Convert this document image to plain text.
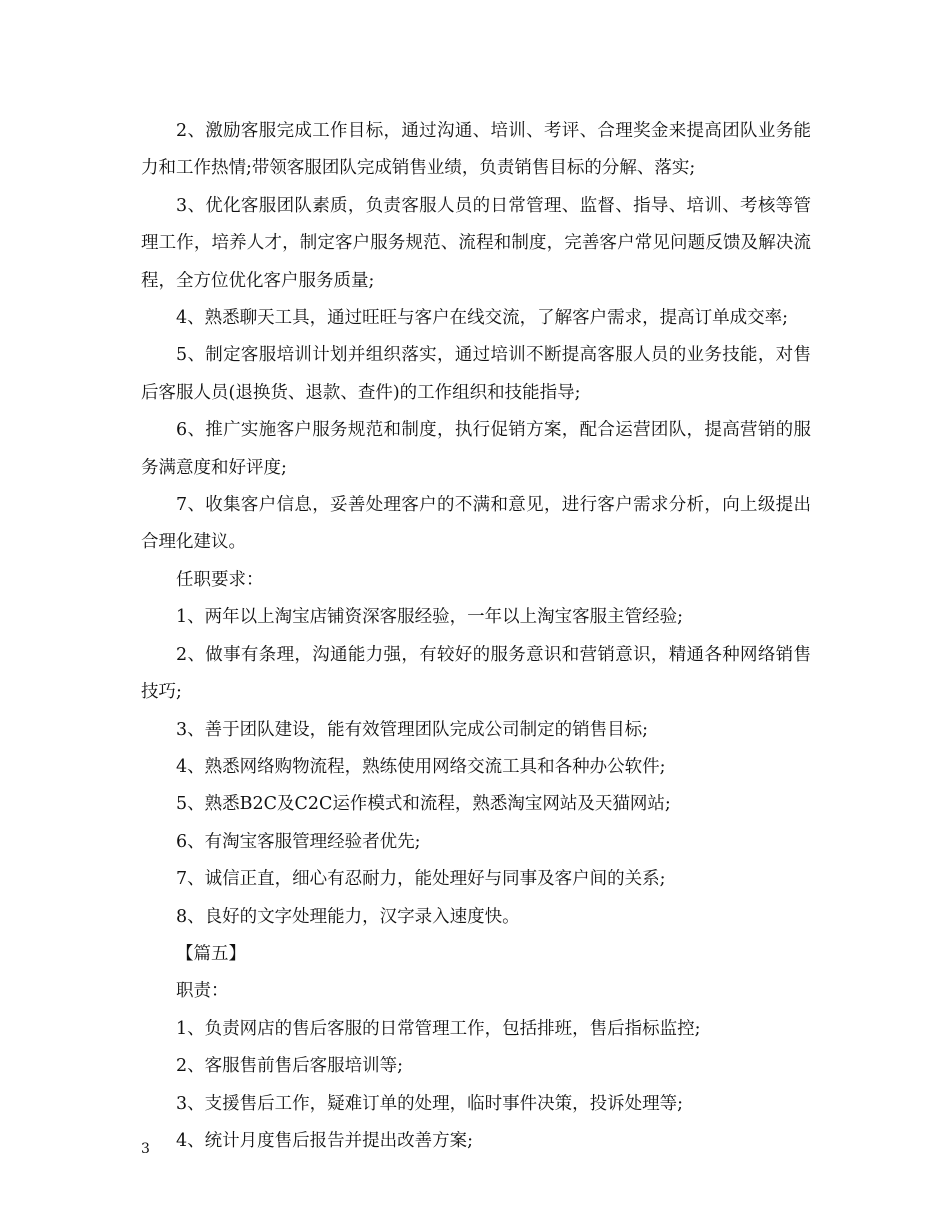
2、激励客服完成工作目标，通过沟通、培训、考评、合理奖金来提高团队业务能力和工作热情;带领客服团队完成销售业绩，负责销售目标的分解、落实;

3、优化客服团队素质，负责客服人员的日常管理、监督、指导、培训、考核等管理工作，培养人才，制定客户服务规范、流程和制度，完善客户常见问题反馈及解决流程，全方位优化客户服务质量;

4、熟悉聊天工具，通过旺旺与客户在线交流，了解客户需求，提高订单成交率;

5、制定客服培训计划并组织落实，通过培训不断提高客服人员的业务技能，对售后客服人员(退换货、退款、查件)的工作组织和技能指导;

6、推广实施客户服务规范和制度，执行促销方案，配合运营团队，提高营销的服务满意度和好评度;

7、收集客户信息，妥善处理客户的不满和意见，进行客户需求分析，向上级提出合理化建议。

任职要求：

1、两年以上淘宝店铺资深客服经验，一年以上淘宝客服主管经验;

2、做事有条理，沟通能力强，有较好的服务意识和营销意识，精通各种网络销售技巧;

3、善于团队建设，能有效管理团队完成公司制定的销售目标;

4、熟悉网络购物流程，熟练使用网络交流工具和各种办公软件;

5、熟悉B2C及C2C运作模式和流程，熟悉淘宝网站及天猫网站;

6、有淘宝客服管理经验者优先;

7、诚信正直，细心有忍耐力，能处理好与同事及客户间的关系;

8、良好的文字处理能力，汉字录入速度快。

【篇五】

职责：

1、负责网店的售后客服的日常管理工作，包括排班，售后指标监控;

2、客服售前售后客服培训等;

3、支援售后工作，疑难订单的处理，临时事件决策，投诉处理等;

4、统计月度售后报告并提出改善方案;

3
